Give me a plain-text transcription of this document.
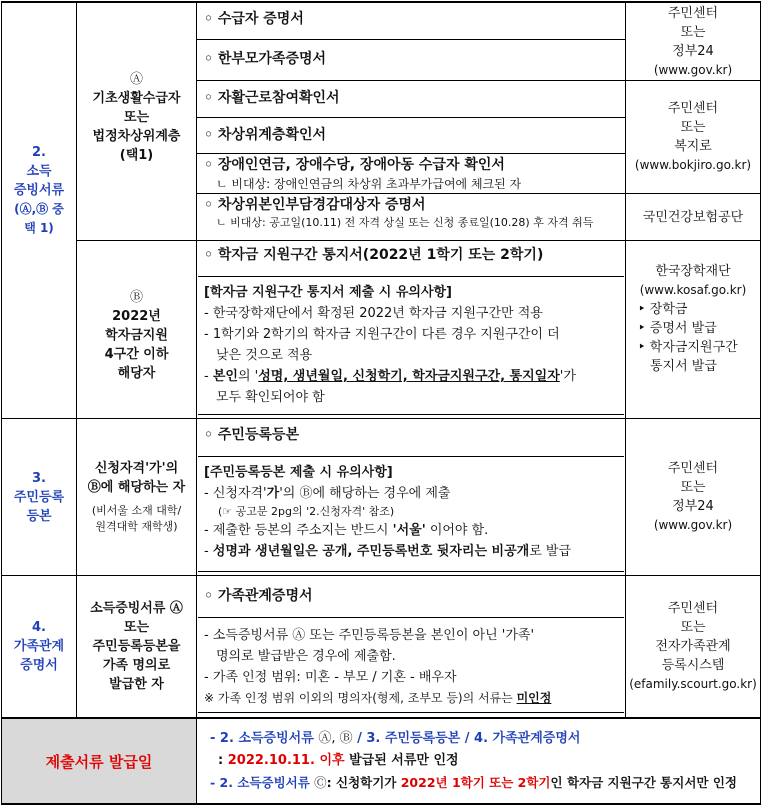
2.
소득
증빙서류
(Ⓐ,Ⓑ 중
택 1)
Ⓐ
기초생활수급자
또는
법정차상위계층
(택1)
◦ 수급자 증명서
◦ 한부모가족증명서
◦ 자활근로참여확인서
◦ 차상위계층확인서
◦ 장애인연금, 장애수당, 장애아동 수급자 확인서
ㄴ 비대상: 장애인연금의 차상위 초과부가급여에 체크된 자
◦ 차상위본인부담경감대상자 증명서
ㄴ 비대상: 공고일(10.11) 전 자격 상실 또는 신청 종료일(10.28) 후 자격 취득
주민센터
또는
정부24
(www.gov.kr)
주민센터
또는
복지로
(www.bokjiro.go.kr)
국민건강보험공단
Ⓑ
2022년
학자금지원
4구간 이하
해당자
◦ 학자금 지원구간 통지서(2022년 1학기 또는 2학기)
[학자금 지원구간 통지서 제출 시 유의사항]
- 한국장학재단에서 확정된 2022년 학자금 지원구간만 적용
- 1학기와 2학기의 학자금 지원구간이 다른 경우 지원구간이 더
낮은 것으로 적용
- 본인의 '성명, 생년월일, 신청학기, 학자금지원구간, 통지일자'가
모두 확인되어야 함
한국장학재단
(www.kosaf.go.kr)
‣ 장학금
‣ 증명서 발급
‣ 학자금지원구간
통지서 발급
3.
주민등록
등본
신청자격'가'의
Ⓑ에 해당하는 자
(비서울 소재 대학/
원격대학 재학생)
◦ 주민등록등본
[주민등록등본 제출 시 유의사항]
- 신청자격'가'의 Ⓑ에 해당하는 경우에 제출
(☞ 공고문 2pg의 '2.신청자격' 참조)
- 제출한 등본의 주소지는 반드시 '서울' 이어야 함.
- 성명과 생년월일은 공개, 주민등록번호 뒷자리는 비공개로 발급
주민센터
또는
정부24
(www.gov.kr)
4.
가족관계
증명서
소득증빙서류 Ⓐ
또는
주민등록등본을
가족 명의로
발급한 자
◦ 가족관계증명서
- 소득증빙서류 Ⓐ 또는 주민등록등본을 본인이 아닌 '가족'
명의로 발급받은 경우에 제출함.
- 가족 인정 범위: 미혼 - 부모 / 기혼 - 배우자
※ 가족 인정 범위 이외의 명의자(형제, 조부모 등)의 서류는 미인정
주민센터
또는
전자가족관계
등록시스템
(efamily.scourt.go.kr)
제출서류 발급일
- 2. 소득증빙서류 Ⓐ, Ⓑ / 3. 주민등록등본 / 4. 가족관계증명서
: 2022.10.11. 이후 발급된 서류만 인정
- 2. 소득증빙서류 Ⓒ: 신청학기가 2022년 1학기 또는 2학기인 학자금 지원구간 통지서만 인정
